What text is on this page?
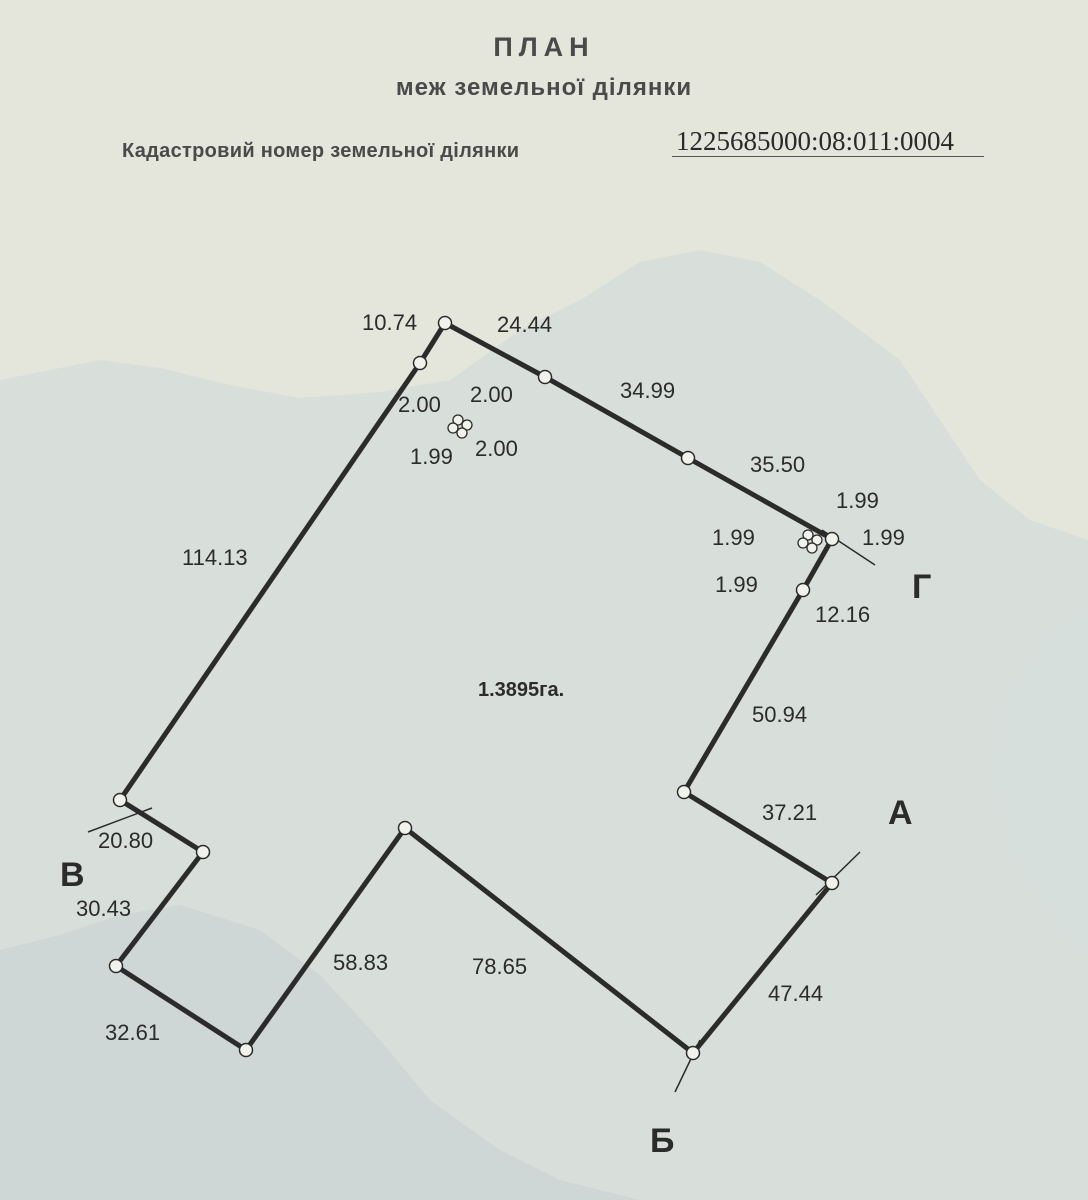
ПЛАН
меж земельної ділянки
Кадастровий номер земельної ділянки	1225685000:08:011:0004
10.74	24.44
34.99
35.50
2.00 2.00
1.99 2.00
114.13
1.99
1.99	1.99
1.99
12.16
50.94
37.21
47.44
78.65
58.83
32.61
30.43
20.80
1.3895га.
Г
А
Б
В
